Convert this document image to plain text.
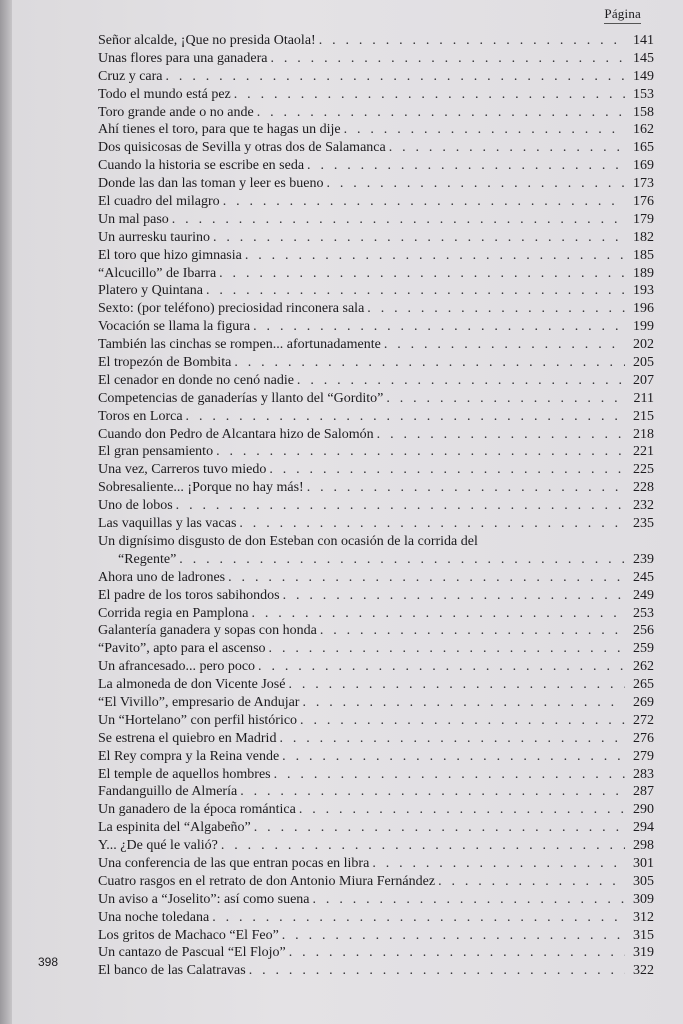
Página
Señor alcalde, ¡Que no presida Otaola! . . .	141
Unas flores para una ganadera . . .	145
Cruz y cara . . .	149
Todo el mundo está pez . . .	153
Toro grande ande o no ande . . .	158
Ahí tienes el toro, para que te hagas un dije . . .	162
Dos quisicosas de Sevilla y otras dos de Salamanca . . .	165
Cuando la historia se escribe en seda . . .	169
Donde las dan las toman y leer es bueno . . .	173
El cuadro del milagro . . .	176
Un mal paso . . .	179
Un aurresku taurino . . .	182
El toro que hizo gimnasia . . .	185
“Alcucillo” de Ibarra . . .	189
Platero y Quintana . . .	193
Sexto: (por teléfono) preciosidad rinconera sala . . .	196
Vocación se llama la figura . . .	199
También las cinchas se rompen... afortunadamente . . .	202
El tropezón de Bombita . . .	205
El cenador en donde no cenó nadie . . .	207
Competencias de ganaderías y llanto del “Gordito” . . .	211
Toros en Lorca . . .	215
Cuando don Pedro de Alcantara hizo de Salomón . . .	218
El gran pensamiento . . .	221
Una vez, Carreros tuvo miedo . . .	225
Sobresaliente... ¡Porque no hay más! . . .	228
Uno de lobos . . .	232
Las vaquillas y las vacas . . .	235
Un dignísimo disgusto de don Esteban con ocasión de la corrida del
“Regente” . . .	239
Ahora uno de ladrones . . .	245
El padre de los toros sabihondos . . .	249
Corrida regia en Pamplona . . .	253
Galantería ganadera y sopas con honda . . .	256
“Pavito”, apto para el ascenso . . .	259
Un afrancesado... pero poco . . .	262
La almoneda de don Vicente José . . .	265
“El Vivillo”, empresario de Andujar . . .	269
Un “Hortelano” con perfil histórico . . .	272
Se estrena el quiebro en Madrid . . .	276
El Rey compra y la Reina vende . . .	279
El temple de aquellos hombres . . .	283
Fandanguillo de Almería . . .	287
Un ganadero de la época romántica . . .	290
La espinita del “Algabeño” . . .	294
Y... ¿De qué le valió? . . .	298
Una conferencia de las que entran pocas en libra . . .	301
Cuatro rasgos en el retrato de don Antonio Miura Fernández . . .	305
Un aviso a “Joselito”: así como suena . . .	309
Una noche toledana . . .	312
Los gritos de Machaco “El Feo” . . .	315
Un cantazo de Pascual “El Flojo” . . .	319
El banco de las Calatravas . . .	322
398
